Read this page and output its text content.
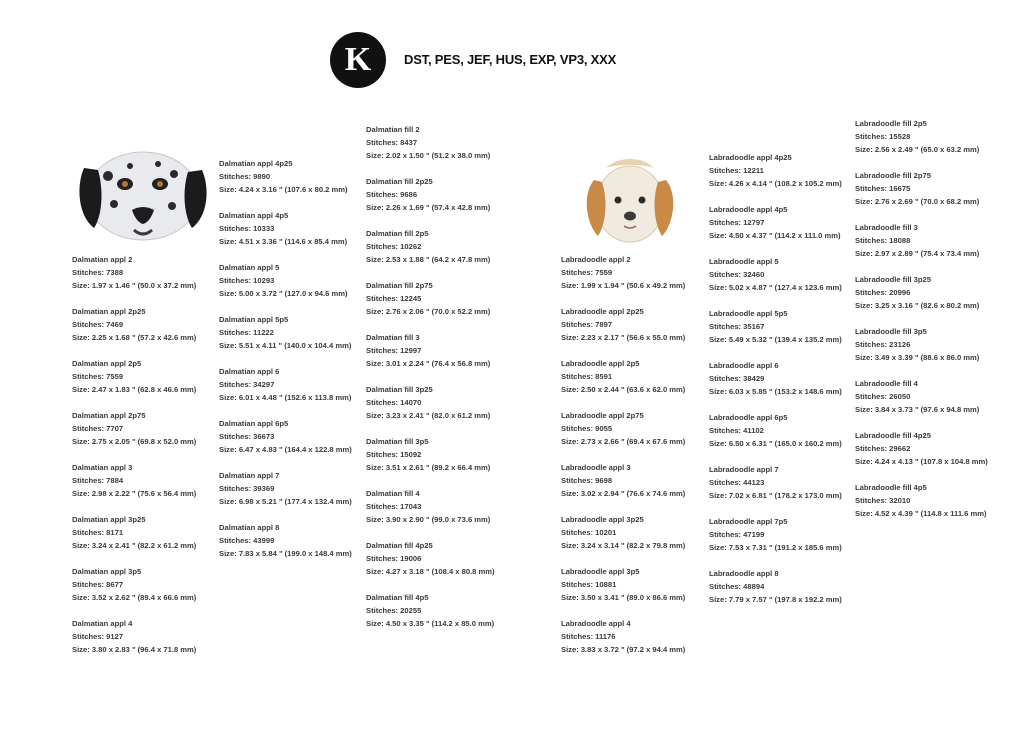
K	DST, PES, JEF, HUS, EXP, VP3, XXX
Dalmatian appl 2
Stitches: 7388
Size: 1.97 x 1.46 " (50.0 x 37.2 mm)
Dalmatian appl 2p25
Stitches: 7469
Size: 2.25 x 1.68 " (57.2 x 42.6 mm)
Dalmatian appl 2p5
Stitches: 7559
Size: 2.47 x 1.83 " (62.8 x 46.6 mm)
Dalmatian appl 2p75
Stitches: 7707
Size: 2.75 x 2.05 " (69.8 x 52.0 mm)
Dalmatian appl 3
Stitches: 7884
Size: 2.98 x 2.22 " (75.6 x 56.4 mm)
Dalmatian appl 3p25
Stitches: 8171
Size: 3.24 x 2.41 " (82.2 x 61.2 mm)
Dalmatian appl 3p5
Stitches: 8677
Size: 3.52 x 2.62 " (89.4 x 66.6 mm)
Dalmatian appl 4
Stitches: 9127
Size: 3.80 x 2.83 " (96.4 x 71.8 mm)
Dalmatian appl 4p25
Stitches: 9890
Size: 4.24 x 3.16 " (107.6 x 80.2 mm)
Dalmatian appl 4p5
Stitches: 10333
Size: 4.51 x 3.36 " (114.6 x 85.4 mm)
Dalmatian appl 5
Stitches: 10293
Size: 5.00 x 3.72 " (127.0 x 94.6 mm)
Dalmatian appl 5p5
Stitches: 11222
Size: 5.51 x 4.11 " (140.0 x 104.4 mm)
Dalmatian appl 6
Stitches: 34297
Size: 6.01 x 4.48 " (152.6 x 113.8 mm)
Dalmatian appl 6p5
Stitches: 36673
Size: 6.47 x 4.83 " (164.4 x 122.8 mm)
Dalmatian appl 7
Stitches: 39369
Size: 6.98 x 5.21 " (177.4 x 132.4 mm)
Dalmatian appl 8
Stitches: 43999
Size: 7.83 x 5.84 " (199.0 x 148.4 mm)
Dalmatian fill 2
Stitches: 8437
Size: 2.02 x 1.50 " (51.2 x 38.0 mm)
Dalmatian fill 2p25
Stitches: 9686
Size: 2.26 x 1.69 " (57.4 x 42.8 mm)
Dalmatian fill 2p5
Stitches: 10262
Size: 2.53 x 1.88 " (64.2 x 47.8 mm)
Dalmatian fill 2p75
Stitches: 12245
Size: 2.76 x 2.06 " (70.0 x 52.2 mm)
Dalmatian fill 3
Stitches: 12997
Size: 3.01 x 2.24 " (76.4 x 56.8 mm)
Dalmatian fill 3p25
Stitches: 14070
Size: 3.23 x 2.41 " (82.0 x 61.2 mm)
Dalmatian fill 3p5
Stitches: 15092
Size: 3.51 x 2.61 " (89.2 x 66.4 mm)
Dalmatian fill 4
Stitches: 17043
Size: 3.90 x 2.90 " (99.0 x 73.6 mm)
Dalmatian fill 4p25
Stitches: 19006
Size: 4.27 x 3.18 " (108.4 x 80.8 mm)
Dalmatian fill 4p5
Stitches: 20255
Size: 4.50 x 3.35 " (114.2 x 85.0 mm)
Labradoodle appl 2
Stitches: 7559
Size: 1.99 x 1.94 " (50.6 x 49.2 mm)
Labradoodle appl 2p25
Stitches: 7897
Size: 2.23 x 2.17 " (56.6 x 55.0 mm)
Labradoodle appl 2p5
Stitches: 8591
Size: 2.50 x 2.44 " (63.6 x 62.0 mm)
Labradoodle appl 2p75
Stitches: 9055
Size: 2.73 x 2.66 " (69.4 x 67.6 mm)
Labradoodle appl 3
Stitches: 9698
Size: 3.02 x 2.94 " (76.6 x 74.6 mm)
Labradoodle appl 3p25
Stitches: 10201
Size: 3.24 x 3.14 " (82.2 x 79.8 mm)
Labradoodle appl 3p5
Stitches: 10881
Size: 3.50 x 3.41 " (89.0 x 86.6 mm)
Labradoodle appl 4
Stitches: 11176
Size: 3.83 x 3.72 " (97.2 x 94.4 mm)
Labradoodle appl 4p25
Stitches: 12211
Size: 4.26 x 4.14 " (108.2 x 105.2 mm)
Labradoodle appl 4p5
Stitches: 12797
Size: 4.50 x 4.37 " (114.2 x 111.0 mm)
Labradoodle appl 5
Stitches: 32460
Size: 5.02 x 4.87 " (127.4 x 123.6 mm)
Labradoodle appl 5p5
Stitches: 35167
Size: 5.49 x 5.32 " (139.4 x 135.2 mm)
Labradoodle appl 6
Stitches: 38429
Size: 6.03 x 5.85 " (153.2 x 148.6 mm)
Labradoodle appl 6p5
Stitches: 41102
Size: 6.50 x 6.31 " (165.0 x 160.2 mm)
Labradoodle appl 7
Stitches: 44123
Size: 7.02 x 6.81 " (178.2 x 173.0 mm)
Labradoodle appl 7p5
Stitches: 47199
Size: 7.53 x 7.31 " (191.2 x 185.6 mm)
Labradoodle appl 8
Stitches: 48894
Size: 7.79 x 7.57 " (197.8 x 192.2 mm)
Labradoodle fill 2p5
Stitches: 15528
Size: 2.56 x 2.49 " (65.0 x 63.2 mm)
Labradoodle fill 2p75
Stitches: 16675
Size: 2.76 x 2.69 " (70.0 x 68.2 mm)
Labradoodle fill 3
Stitches: 18088
Size: 2.97 x 2.89 " (75.4 x 73.4 mm)
Labradoodle fill 3p25
Stitches: 20996
Size: 3.25 x 3.16 " (82.6 x 80.2 mm)
Labradoodle fill 3p5
Stitches: 23126
Size: 3.49 x 3.39 " (88.6 x 86.0 mm)
Labradoodle fill 4
Stitches: 26050
Size: 3.84 x 3.73 " (97.6 x 94.8 mm)
Labradoodle fill 4p25
Stitches: 29662
Size: 4.24 x 4.13 " (107.8 x 104.8 mm)
Labradoodle fill 4p5
Stitches: 32010
Size: 4.52 x 4.39 " (114.8 x 111.6 mm)
